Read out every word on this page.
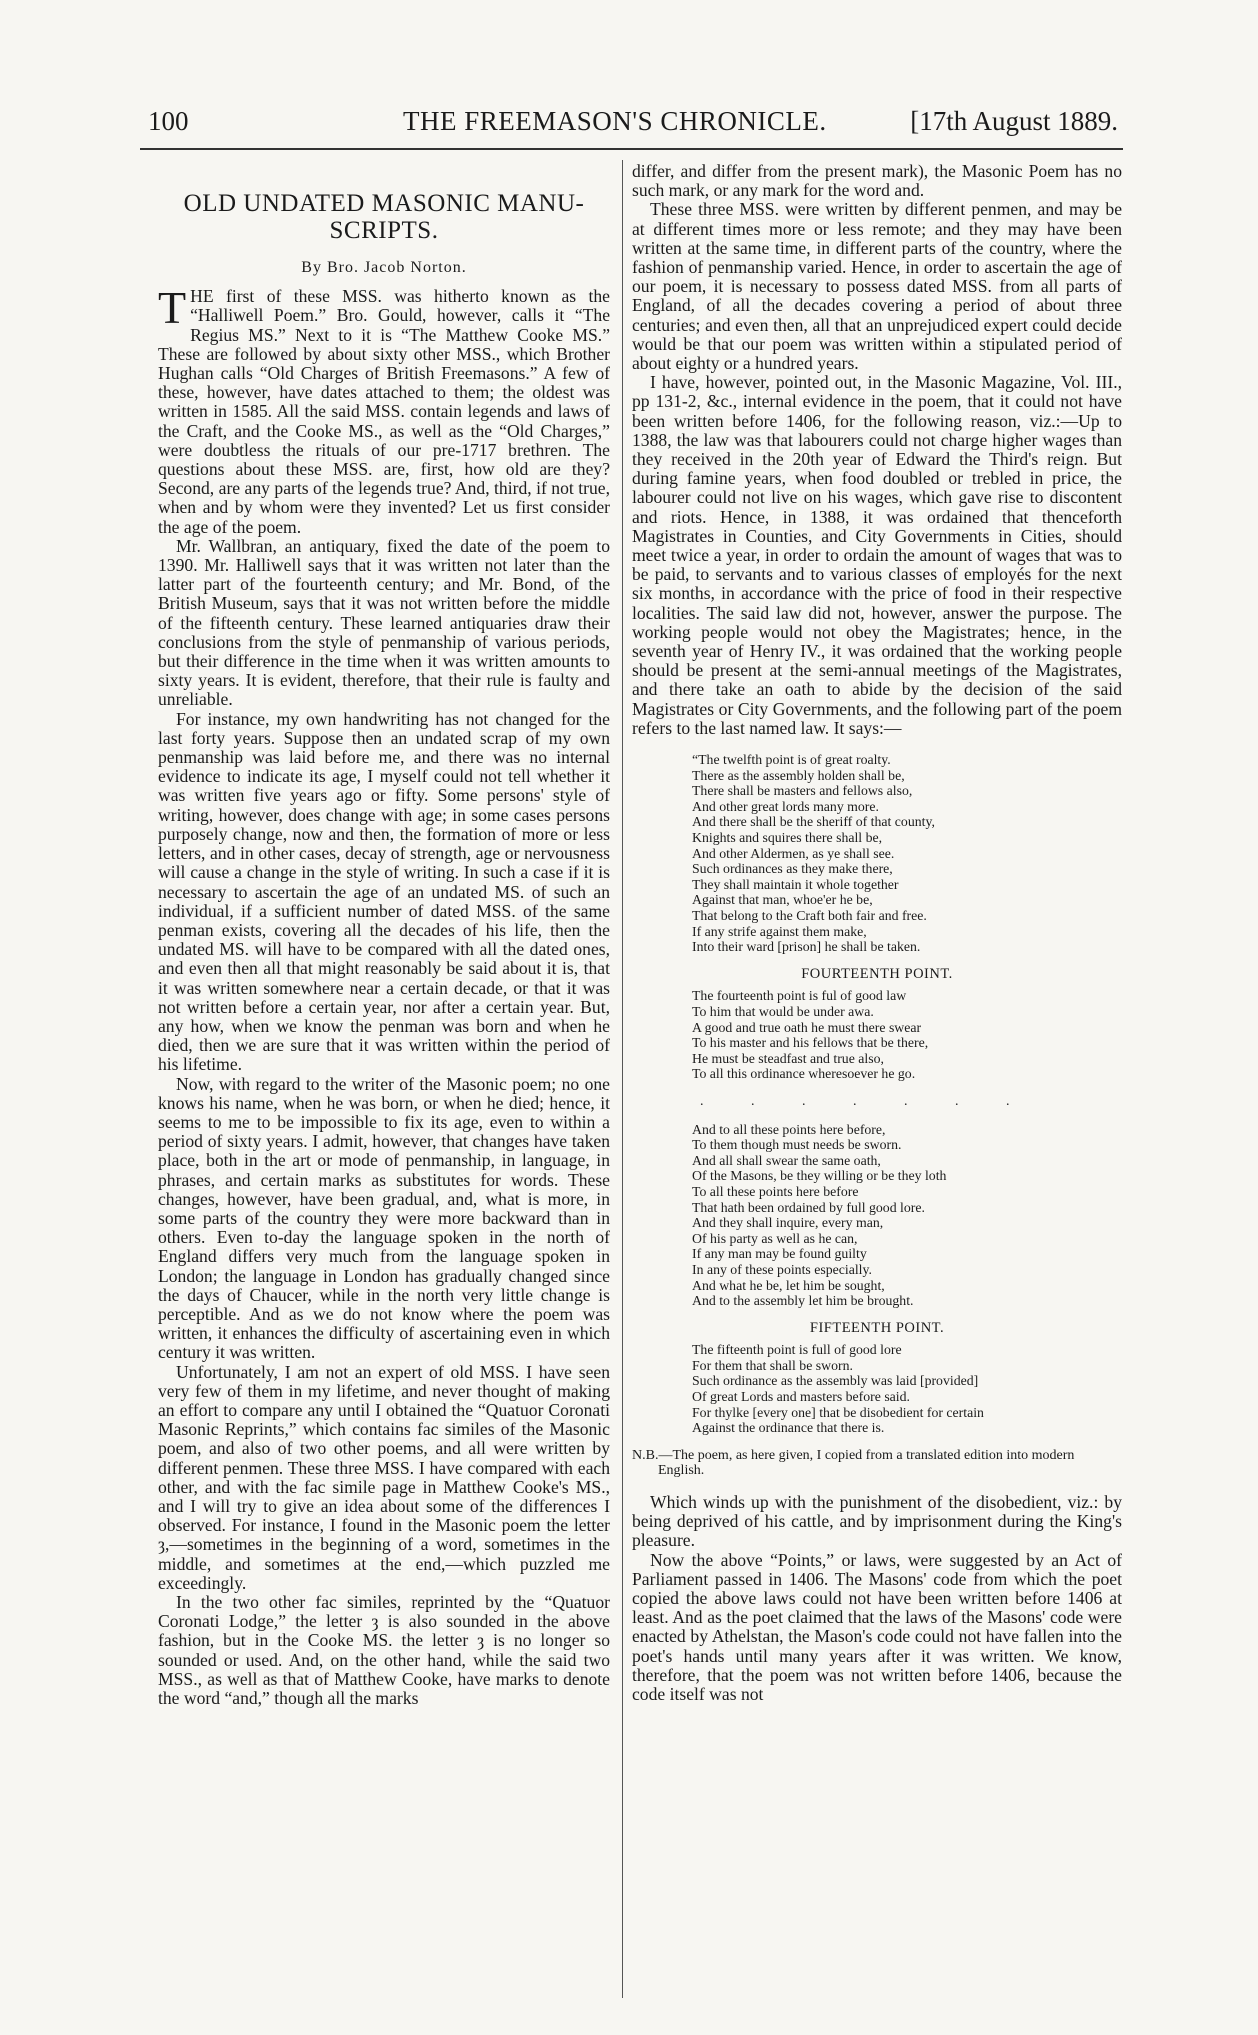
100	THE FREEMASON'S CHRONICLE.	[17th August 1889.
OLD UNDATED MASONIC MANU-
SCRIPTS.
By Bro. Jacob Norton.

THE first of these MSS. was hitherto known as the “Halliwell Poem.” Bro. Gould, however, calls it “The Regius MS.” Next to it is “The Matthew Cooke MS.” These are followed by about sixty other MSS., which Brother Hughan calls “Old Charges of British Freemasons.” A few of these, however, have dates attached to them; the oldest was written in 1585. All the said MSS. contain legends and laws of the Craft, and the Cooke MS., as well as the “Old Charges,” were doubtless the rituals of our pre-1717 brethren. The questions about these MSS. are, first, how old are they? Second, are any parts of the legends true? And, third, if not true, when and by whom were they invented? Let us first consider the age of the poem.

Mr. Wallbran, an antiquary, fixed the date of the poem to 1390. Mr. Halliwell says that it was written not later than the latter part of the fourteenth century; and Mr. Bond, of the British Museum, says that it was not written before the middle of the fifteenth century. These learned antiquaries draw their conclusions from the style of penmanship of various periods, but their difference in the time when it was written amounts to sixty years. It is evident, therefore, that their rule is faulty and unreliable.

For instance, my own handwriting has not changed for the last forty years. Suppose then an undated scrap of my own penmanship was laid before me, and there was no internal evidence to indicate its age, I myself could not tell whether it was written five years ago or fifty. Some persons' style of writing, however, does change with age; in some cases persons purposely change, now and then, the formation of more or less letters, and in other cases, decay of strength, age or nervousness will cause a change in the style of writing. In such a case if it is necessary to ascertain the age of an undated MS. of such an individual, if a sufficient number of dated MSS. of the same penman exists, covering all the decades of his life, then the undated MS. will have to be compared with all the dated ones, and even then all that might reasonably be said about it is, that it was written somewhere near a certain decade, or that it was not written before a certain year, nor after a certain year. But, any how, when we know the penman was born and when he died, then we are sure that it was written within the period of his lifetime.

Now, with regard to the writer of the Masonic poem; no one knows his name, when he was born, or when he died; hence, it seems to me to be impossible to fix its age, even to within a period of sixty years. I admit, however, that changes have taken place, both in the art or mode of penmanship, in language, in phrases, and certain marks as substitutes for words. These changes, however, have been gradual, and, what is more, in some parts of the country they were more backward than in others. Even to-day the language spoken in the north of England differs very much from the language spoken in London; the language in London has gradually changed since the days of Chaucer, while in the north very little change is perceptible. And as we do not know where the poem was written, it enhances the difficulty of ascertaining even in which century it was written.

Unfortunately, I am not an expert of old MSS. I have seen very few of them in my lifetime, and never thought of making an effort to compare any until I obtained the “Quatuor Coronati Masonic Reprints,” which contains fac similes of the Masonic poem, and also of two other poems, and all were written by different penmen. These three MSS. I have compared with each other, and with the fac simile page in Matthew Cooke's MS., and I will try to give an idea about some of the differences I observed. For instance, I found in the Masonic poem the letter ȝ,—sometimes in the beginning of a word, sometimes in the middle, and sometimes at the end,—which puzzled me exceedingly.

In the two other fac similes, reprinted by the “Quatuor Coronati Lodge,” the letter ȝ is also sounded in the above fashion, but in the Cooke MS. the letter ȝ is no longer so sounded or used. And, on the other hand, while the said two MSS., as well as that of Matthew Cooke, have marks to denote the word “and,” though all the marks

differ, and differ from the present mark), the Masonic Poem has no such mark, or any mark for the word and.

These three MSS. were written by different penmen, and may be at different times more or less remote; and they may have been written at the same time, in different parts of the country, where the fashion of penmanship varied. Hence, in order to ascertain the age of our poem, it is necessary to possess dated MSS. from all parts of England, of all the decades covering a period of about three centuries; and even then, all that an unprejudiced expert could decide would be that our poem was written within a stipulated period of about eighty or a hundred years.

I have, however, pointed out, in the Masonic Magazine, Vol. III., pp 131-2, &c., internal evidence in the poem, that it could not have been written before 1406, for the following reason, viz.:—Up to 1388, the law was that labourers could not charge higher wages than they received in the 20th year of Edward the Third's reign. But during famine years, when food doubled or trebled in price, the labourer could not live on his wages, which gave rise to discontent and riots. Hence, in 1388, it was ordained that thenceforth Magistrates in Counties, and City Governments in Cities, should meet twice a year, in order to ordain the amount of wages that was to be paid, to servants and to various classes of employés for the next six months, in accordance with the price of food in their respective localities. The said law did not, however, answer the purpose. The working people would not obey the Magistrates; hence, in the seventh year of Henry IV., it was ordained that the working people should be present at the semi-annual meetings of the Magistrates, and there take an oath to abide by the decision of the said Magistrates or City Governments, and the following part of the poem refers to the last named law. It says:—

“The twelfth point is of great roalty.
There as the assembly holden shall be,
There shall be masters and fellows also,
And other great lords many more.
And there shall be the sheriff of that county,
Knights and squires there shall be,
And other Aldermen, as ye shall see.
Such ordinances as they make there,
They shall maintain it whole together
Against that man, whoe'er he be,
That belong to the Craft both fair and free.
If any strife against them make,
Into their ward [prison] he shall be taken.
FOURTEENTH POINT.
The fourteenth point is ful of good law
To him that would be under awa.
A good and true oath he must there swear
To his master and his fellows that be there,
He must be steadfast and true also,
To all this ordinance wheresoever he go.
. . . . . . .
And to all these points here before,
To them though must needs be sworn.
And all shall swear the same oath,
Of the Masons, be they willing or be they loth
To all these points here before
That hath been ordained by full good lore.
And they shall inquire, every man,
Of his party as well as he can,
If any man may be found guilty
In any of these points especially.
And what he be, let him be sought,
And to the assembly let him be brought.
FIFTEENTH POINT.
The fifteenth point is full of good lore
For them that shall be sworn.
Such ordinance as the assembly was laid [provided]
Of great Lords and masters before said.
For thylke [every one] that be disobedient for certain
Against the ordinance that there is.
N.B.—The poem, as here given, I copied from a translated edition into modern English.

Which winds up with the punishment of the disobedient, viz.: by being deprived of his cattle, and by imprisonment during the King's pleasure.

Now the above “Points,” or laws, were suggested by an Act of Parliament passed in 1406. The Masons' code from which the poet copied the above laws could not have been written before 1406 at least. And as the poet claimed that the laws of the Masons' code were enacted by Athelstan, the Mason's code could not have fallen into the poet's hands until many years after it was written. We know, therefore, that the poem was not written before 1406, because the code itself was not
